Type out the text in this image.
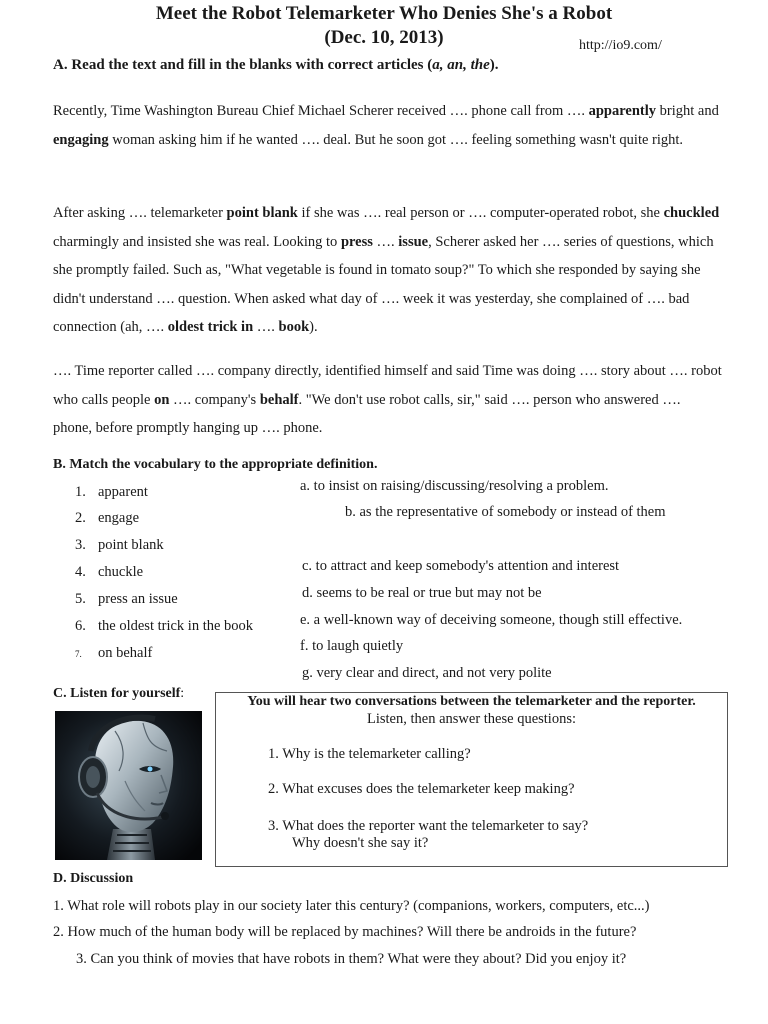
Meet the Robot Telemarketer Who Denies She's a Robot
(Dec. 10, 2013)	http://io9.com/
A. Read the text and fill in the blanks with correct articles (a, an, the).

Recently, Time Washington Bureau Chief Michael Scherer received …. phone call from …. apparently bright and engaging woman asking him if he wanted …. deal. But he soon got …. feeling something wasn't quite right.

After asking …. telemarketer point blank if she was …. real person or …. computer-operated robot, she chuckled charmingly and insisted she was real. Looking to press …. issue, Scherer asked her …. series of questions, which she promptly failed. Such as, "What vegetable is found in tomato soup?" To which she responded by saying she didn't understand …. question. When asked what day of …. week it was yesterday, she complained of …. bad connection (ah, …. oldest trick in …. book).

…. Time reporter called …. company directly, identified himself and said Time was doing …. story about …. robot who calls people on …. company's behalf. "We don't use robot calls, sir," said …. person who answered …. phone, before promptly hanging up …. phone.

B. Match the vocabulary to the appropriate definition.
1. apparent
2. engage
3. point blank
4. chuckle
5. press an issue
6. the oldest trick in the book
7. on behalf
a. to insist on raising/discussing/resolving a problem.
b. as the representative of somebody or instead of them
c. to attract and keep somebody's attention and interest
d. seems to be real or true but may not be
e. a well-known way of deceiving someone, though still effective.
f. to laugh quietly
g. very clear and direct, and not very polite
C. Listen for yourself:
You will hear two conversations between the telemarketer and the reporter.
Listen, then answer these questions:
1. Why is the telemarketer calling?
2. What excuses does the telemarketer keep making?
3. What does the reporter want the telemarketer to say?
Why doesn't she say it?
D. Discussion
1. What role will robots play in our society later this century? (companions, workers, computers, etc...)
2. How much of the human body will be replaced by machines? Will there be androids in the future?
3. Can you think of movies that have robots in them? What were they about? Did you enjoy it?
